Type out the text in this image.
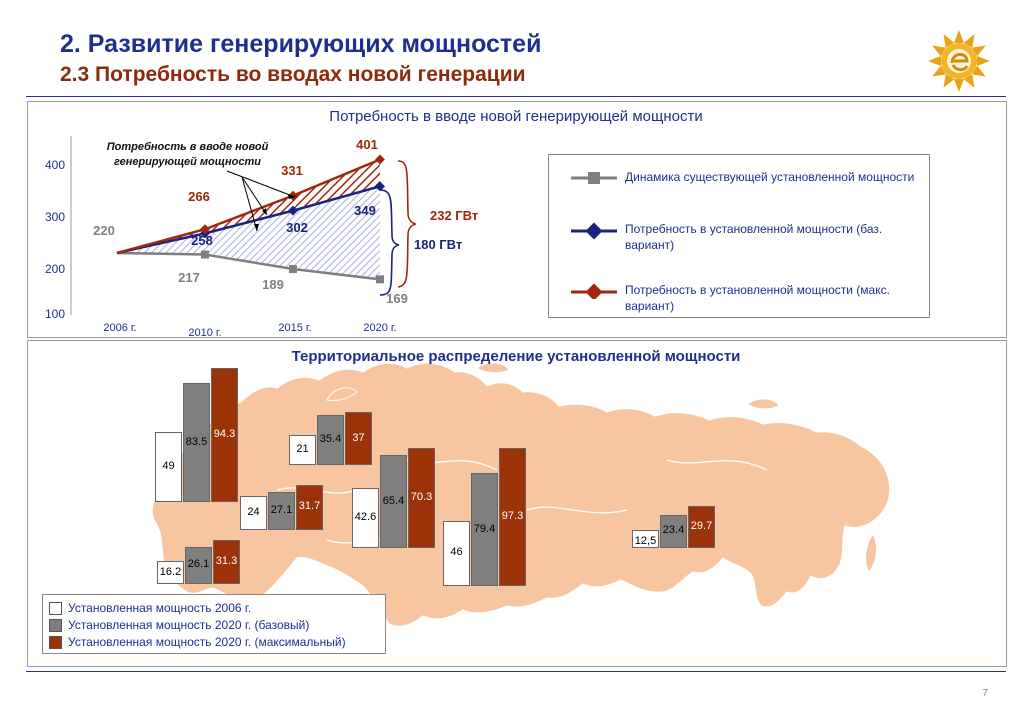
2. Развитие генерирующих мощностей
2.3 Потребность во вводах новой генерации
Потребность в вводе новой генерирующей мощности
100
200
300
400
2006 г.	2010 г.	2015 г.	2020 г.
220
217	189
169
258
302
349
266
331
401
Потребность в вводе новой генерирующей мощности
232 ГВт
180 ГВт
Динамика существующей установленной мощности
Потребность в установленной мощности (баз. вариант)
Потребность в установленной мощности (макс. вариант)
Территориальное распределение установленной мощности
49
83.5
94.3
21
35.4	37
24	27.1 31.7
42.6
65.4 70.3
16.2
26.1 31.3
46
79.4
97.3
12,5
23.4 29.7
Установленная мощность 2006 г.
Установленная мощность 2020 г. (базовый)
Установленная мощность 2020 г. (максимальный)
7
